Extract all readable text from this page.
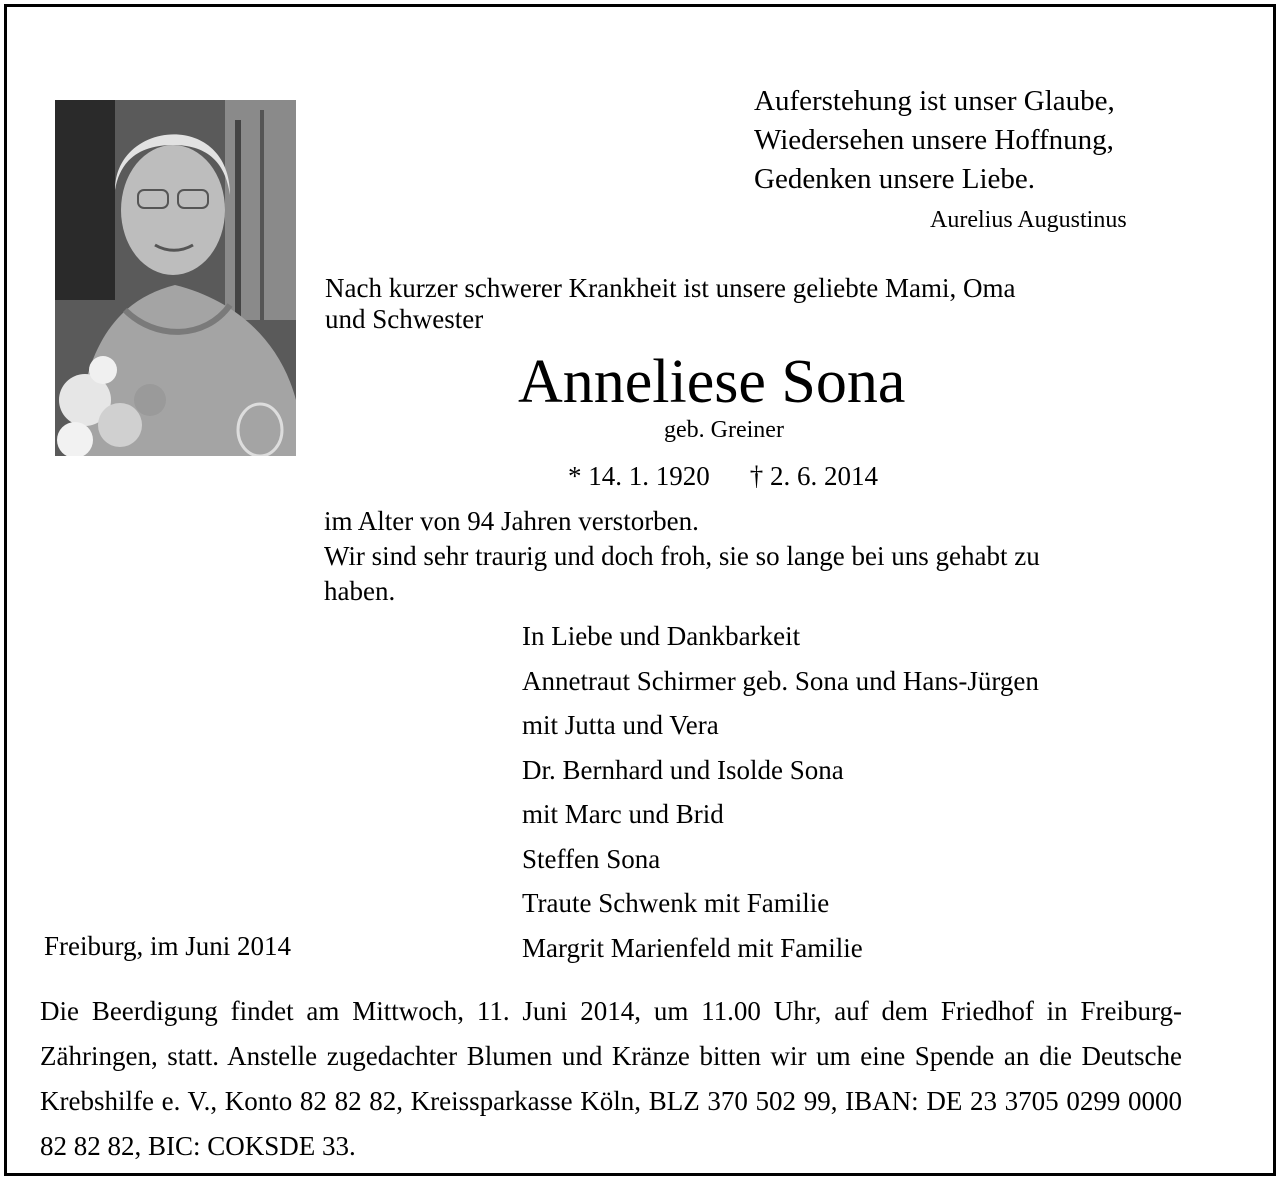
Auferstehung ist unser Glaube,
Wiedersehen unsere Hoffnung,
Gedenken unsere Liebe.
Aurelius Augustinus
Nach kurzer schwerer Krankheit ist unsere geliebte Mami, Oma
und Schwester
Anneliese Sona
geb. Greiner
* 14. 1. 1920 † 2. 6. 2014
im Alter von 94 Jahren verstorben.
Wir sind sehr traurig und doch froh, sie so lange bei uns gehabt zu
haben.
In Liebe und Dankbarkeit
Annetraut Schirmer geb. Sona und Hans-Jürgen
mit Jutta und Vera
Dr. Bernhard und Isolde Sona
mit Marc und Brid
Steffen Sona
Traute Schwenk mit Familie
Margrit Marienfeld mit Familie
Freiburg, im Juni 2014
Die Beerdigung findet am Mittwoch, 11. Juni 2014, um 11.00 Uhr, auf dem Friedhof in Freiburg-Zähringen, statt. Anstelle zugedachter Blumen und Kränze bitten wir um eine Spende an die Deutsche Krebshilfe e. V., Konto 82 82 82, Kreissparkasse Köln, BLZ 370 502 99, IBAN: DE 23 3705 0299 0000 82 82 82, BIC: COKSDE 33.
